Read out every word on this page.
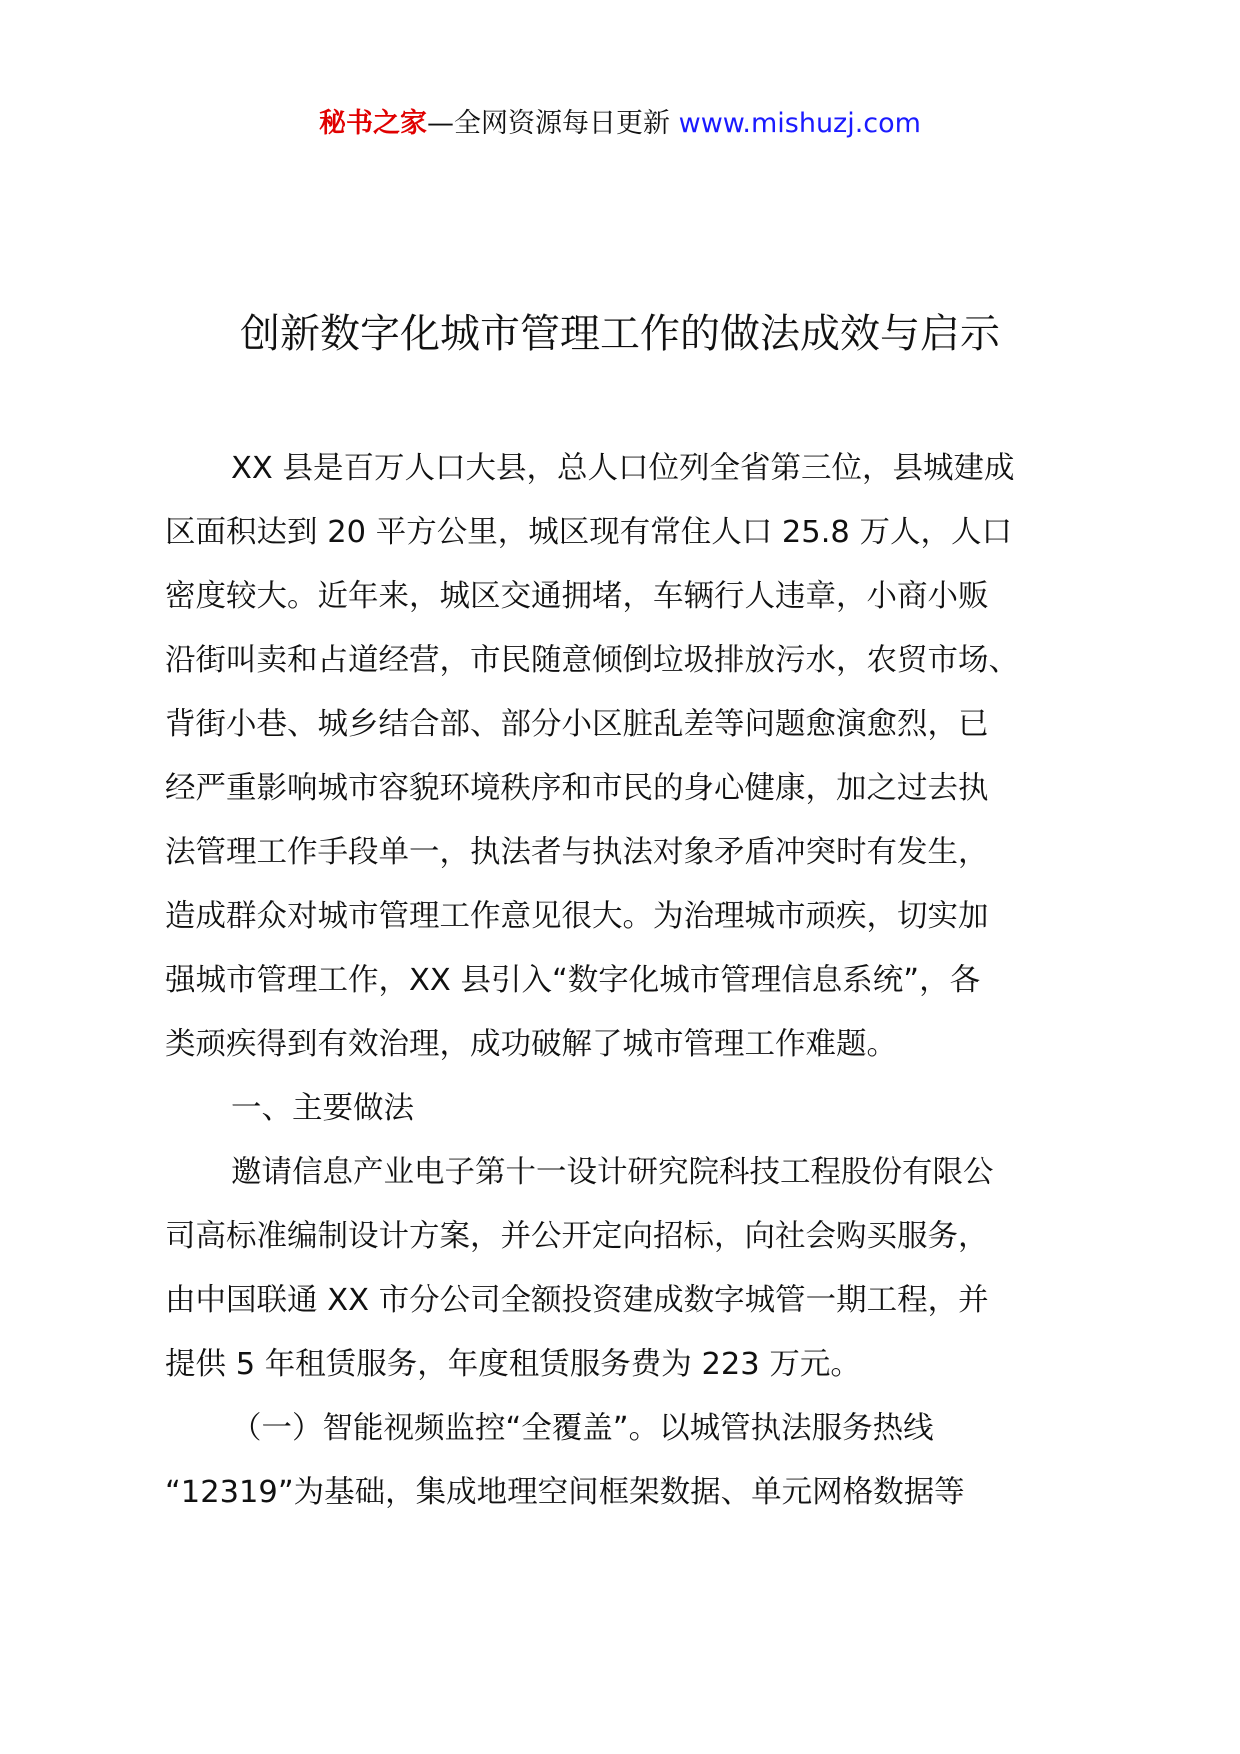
秘书之家—全网资源每日更新 www.mishuzj.com
创新数字化城市管理工作的做法成效与启示
XX 县是百万人口大县，总人口位列全省第三位，县城建成
区面积达到 20 平方公里，城区现有常住人口 25.8 万人，人口
密度较大。近年来，城区交通拥堵，车辆行人违章，小商小贩
沿街叫卖和占道经营，市民随意倾倒垃圾排放污水，农贸市场、
背街小巷、城乡结合部、部分小区脏乱差等问题愈演愈烈，已
经严重影响城市容貌环境秩序和市民的身心健康，加之过去执
法管理工作手段单一，执法者与执法对象矛盾冲突时有发生，
造成群众对城市管理工作意见很大。为治理城市顽疾，切实加
强城市管理工作，XX 县引入“数字化城市管理信息系统”，各
类顽疾得到有效治理，成功破解了城市管理工作难题。
一、主要做法
邀请信息产业电子第十一设计研究院科技工程股份有限公
司高标准编制设计方案，并公开定向招标，向社会购买服务，
由中国联通 XX 市分公司全额投资建成数字城管一期工程，并
提供 5 年租赁服务，年度租赁服务费为 223 万元。
（一）智能视频监控“全覆盖”。以城管执法服务热线
“12319”为基础，集成地理空间框架数据、单元网格数据等
